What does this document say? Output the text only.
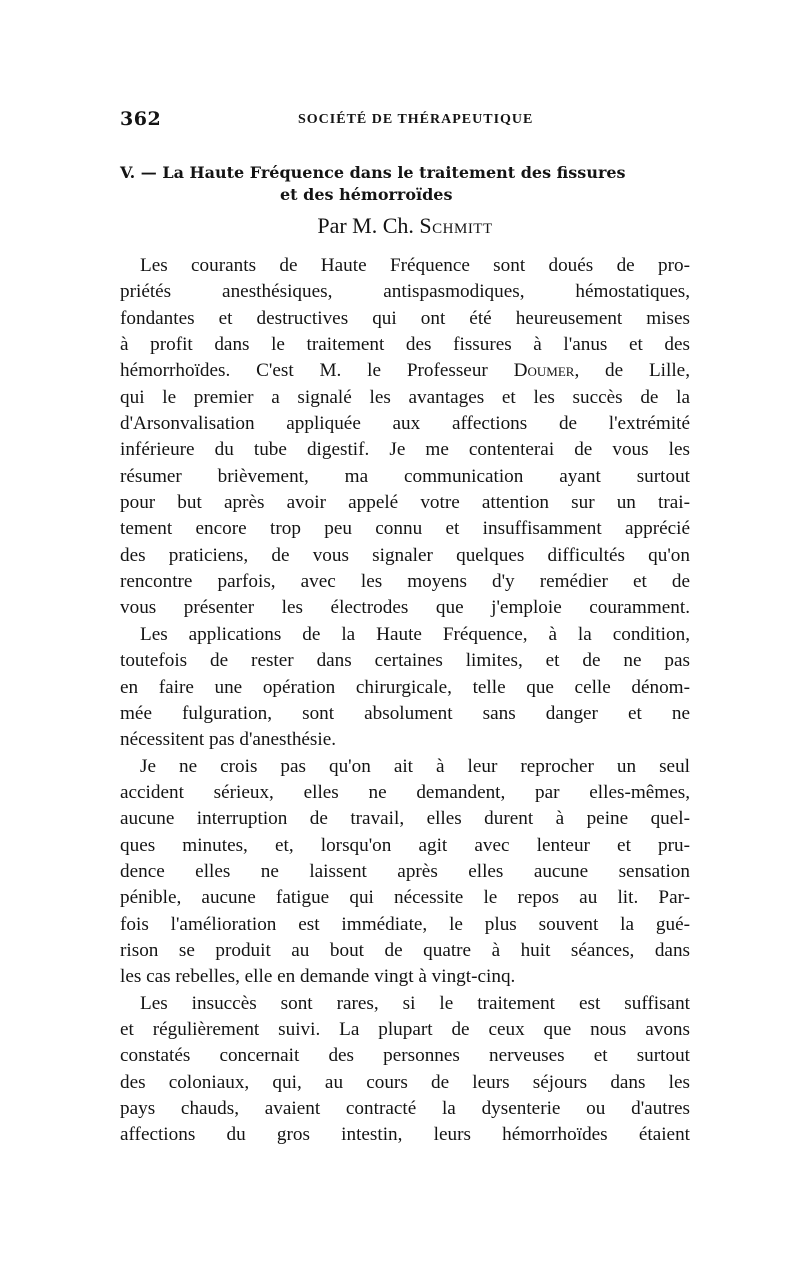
362	SOCIÉTÉ DE THÉRAPEUTIQUE
V. — La Haute Fréquence dans le traitement des fissures
et des hémorroïdes
Par M. Ch. Schmitt
Les courants de Haute Fréquence sont doués de pro-
priétés anesthésiques, antispasmodiques, hémostatiques,
fondantes et destructives qui ont été heureusement mises
à profit dans le traitement des fissures à l'anus et des
hémorrhoïdes. C'est M. le Professeur Doumer, de Lille,
qui le premier a signalé les avantages et les succès de la
d'Arsonvalisation appliquée aux affections de l'extrémité
inférieure du tube digestif. Je me contenterai de vous les
résumer brièvement, ma communication ayant surtout
pour but après avoir appelé votre attention sur un trai-
tement encore trop peu connu et insuffisamment apprécié
des praticiens, de vous signaler quelques difficultés qu'on
rencontre parfois, avec les moyens d'y remédier et de
vous présenter les électrodes que j'emploie couramment.
Les applications de la Haute Fréquence, à la condition,
toutefois de rester dans certaines limites, et de ne pas
en faire une opération chirurgicale, telle que celle dénom-
mée fulguration, sont absolument sans danger et ne
nécessitent pas d'anesthésie.
Je ne crois pas qu'on ait à leur reprocher un seul
accident sérieux, elles ne demandent, par elles-mêmes,
aucune interruption de travail, elles durent à peine quel-
ques minutes, et, lorsqu'on agit avec lenteur et pru-
dence elles ne laissent après elles aucune sensation
pénible, aucune fatigue qui nécessite le repos au lit. Par-
fois l'amélioration est immédiate, le plus souvent la gué-
rison se produit au bout de quatre à huit séances, dans
les cas rebelles, elle en demande vingt à vingt-cinq.
Les insuccès sont rares, si le traitement est suffisant
et régulièrement suivi. La plupart de ceux que nous avons
constatés concernait des personnes nerveuses et surtout
des coloniaux, qui, au cours de leurs séjours dans les
pays chauds, avaient contracté la dysenterie ou d'autres
affections du gros intestin, leurs hémorrhoïdes étaient
